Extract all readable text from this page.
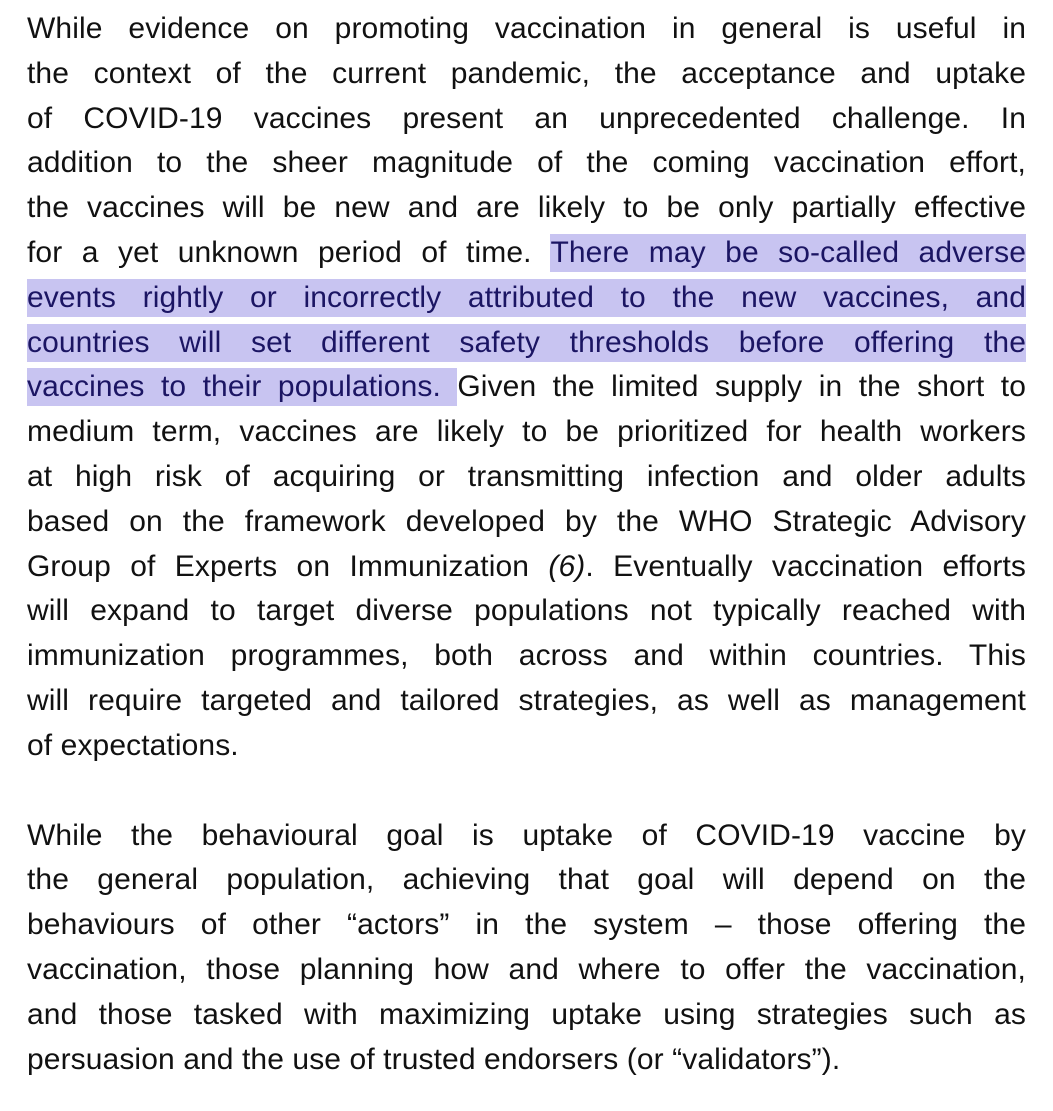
While evidence on promoting vaccination in general is useful in
the context of the current pandemic, the acceptance and uptake
of COVID-19 vaccines present an unprecedented challenge. In
addition to the sheer magnitude of the coming vaccination effort,
the vaccines will be new and are likely to be only partially effective
for a yet unknown period of time. There may be so-called adverse
events rightly or incorrectly attributed to the new vaccines, and
countries will set different safety thresholds before offering the
vaccines to their populations. Given the limited supply in the short to
medium term, vaccines are likely to be prioritized for health workers
at high risk of acquiring or transmitting infection and older adults
based on the framework developed by the WHO Strategic Advisory
Group of Experts on Immunization (6). Eventually vaccination efforts
will expand to target diverse populations not typically reached with
immunization programmes, both across and within countries. This
will require targeted and tailored strategies, as well as management
of expectations.
While the behavioural goal is uptake of COVID-19 vaccine by
the general population, achieving that goal will depend on the
behaviours of other “actors” in the system – those offering the
vaccination, those planning how and where to offer the vaccination,
and those tasked with maximizing uptake using strategies such as
persuasion and the use of trusted endorsers (or “validators”).
